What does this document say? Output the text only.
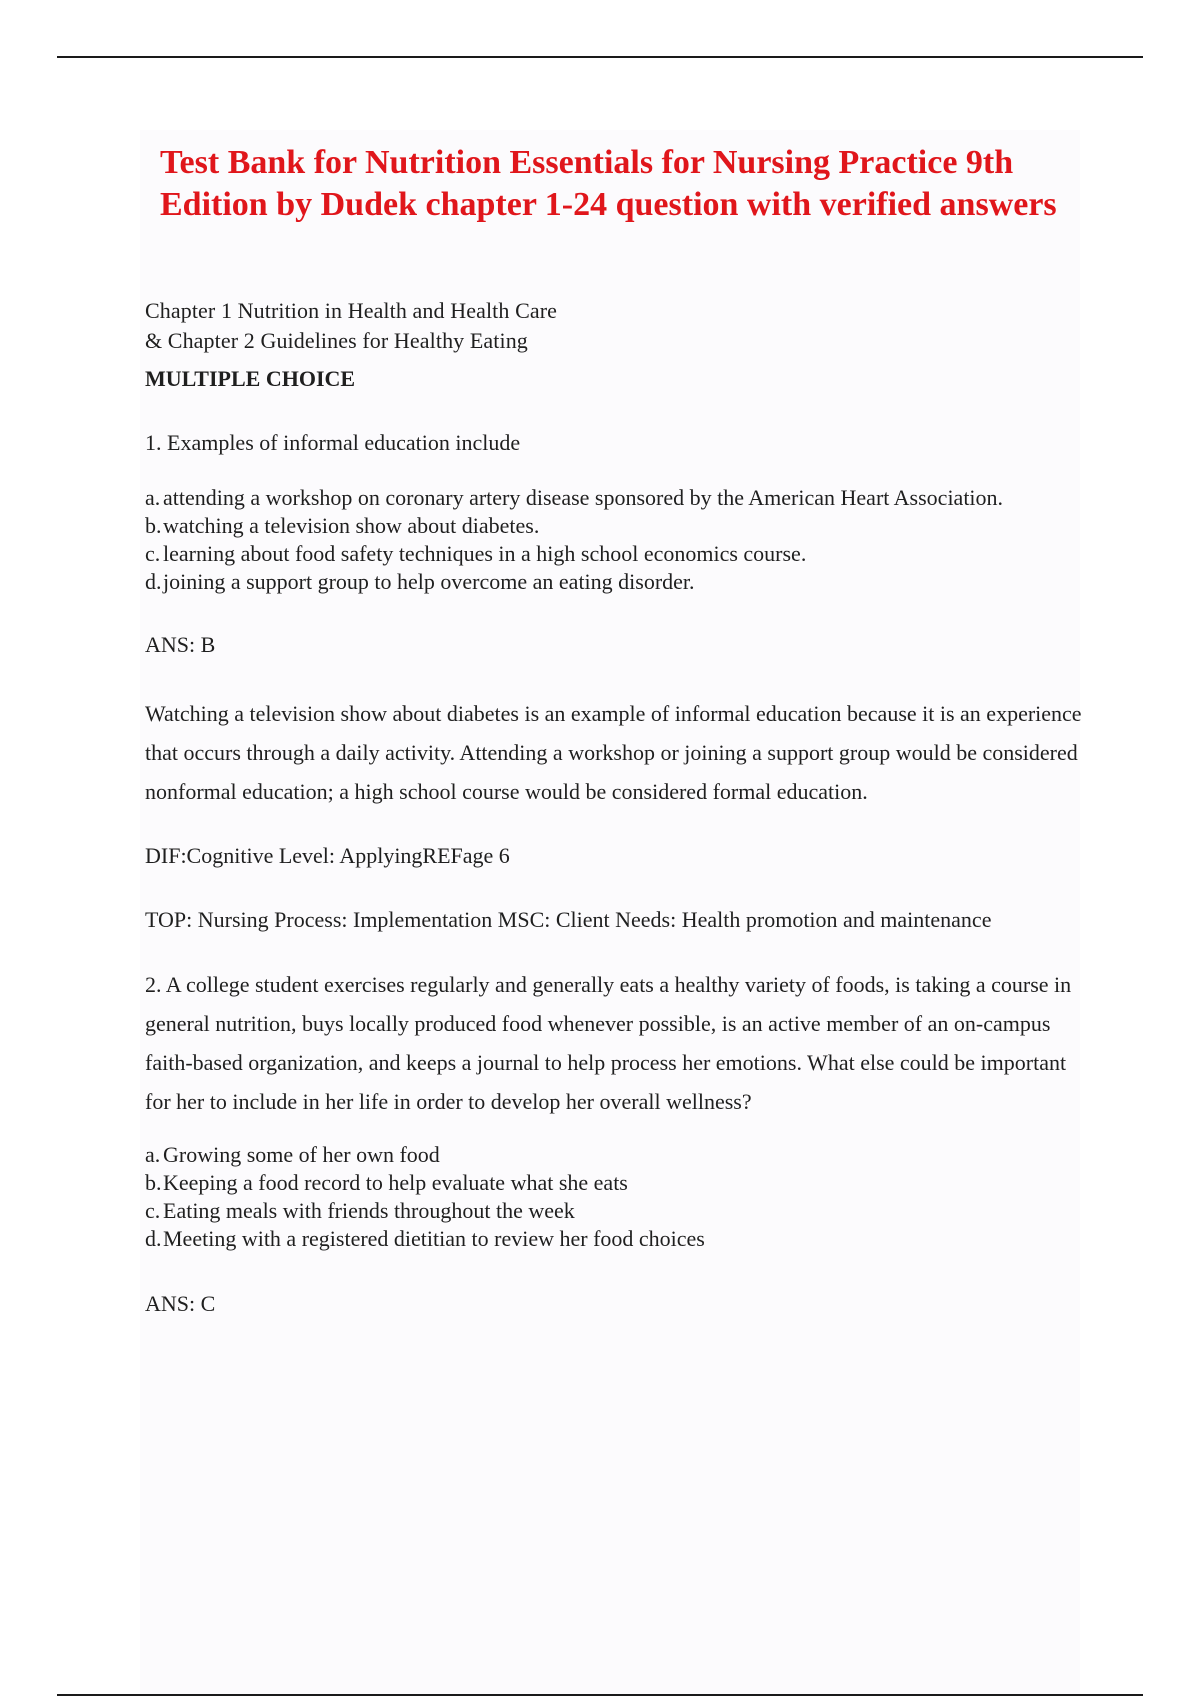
Test Bank for Nutrition Essentials for Nursing Practice 9th Edition by Dudek chapter 1-24 question with verified answers
Chapter 1 Nutrition in Health and Health Care
& Chapter 2 Guidelines for Healthy Eating
MULTIPLE CHOICE
1. Examples of informal education include
a. attending a workshop on coronary artery disease sponsored by the American Heart Association.
b. watching a television show about diabetes.
c. learning about food safety techniques in a high school economics course.
d. joining a support group to help overcome an eating disorder.
ANS: B
Watching a television show about diabetes is an example of informal education because it is an experience that occurs through a daily activity. Attending a workshop or joining a support group would be considered nonformal education; a high school course would be considered formal education.
DIF:Cognitive Level: ApplyingREFage 6
TOP: Nursing Process: Implementation MSC: Client Needs: Health promotion and maintenance
2. A college student exercises regularly and generally eats a healthy variety of foods, is taking a course in general nutrition, buys locally produced food whenever possible, is an active member of an on-campus faith-based organization, and keeps a journal to help process her emotions. What else could be important for her to include in her life in order to develop her overall wellness?
a. Growing some of her own food
b. Keeping a food record to help evaluate what she eats
c. Eating meals with friends throughout the week
d. Meeting with a registered dietitian to review her food choices
ANS: C
